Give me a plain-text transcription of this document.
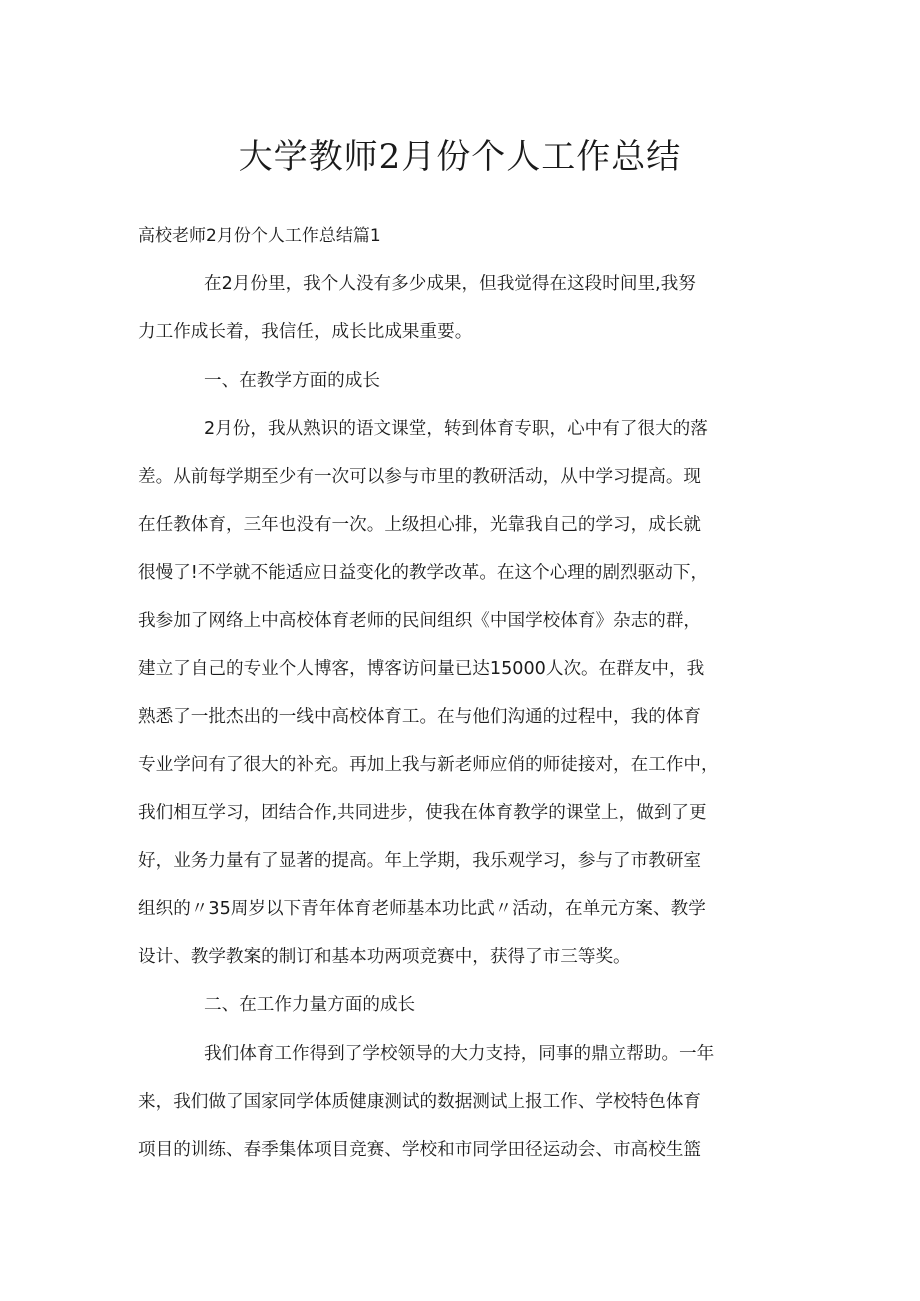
大学教师2月份个人工作总结
高校老师2月份个人工作总结篇1
在2月份里，我个人没有多少成果，但我觉得在这段时间里,我努
力工作成长着，我信任，成长比成果重要。
一、在教学方面的成长
2月份，我从熟识的语文课堂，转到体育专职，心中有了很大的落
差。从前每学期至少有一次可以参与市里的教研活动，从中学习提高。现
在任教体育，三年也没有一次。上级担心排，光靠我自己的学习，成长就
很慢了!不学就不能适应日益变化的教学改革。在这个心理的剧烈驱动下，
我参加了网络上中高校体育老师的民间组织《中国学校体育》杂志的群，
建立了自己的专业个人博客，博客访问量已达15000人次。在群友中，我
熟悉了一批杰出的一线中高校体育工。在与他们沟通的过程中，我的体育
专业学问有了很大的补充。再加上我与新老师应俏的师徒接对，在工作中，
我们相互学习，团结合作,共同进步，使我在体育教学的课堂上，做到了更
好，业务力量有了显著的提高。年上学期，我乐观学习，参与了市教研室
组织的〃35周岁以下青年体育老师基本功比武〃活动，在单元方案、教学
设计、教学教案的制订和基本功两项竞赛中，获得了市三等奖。
二、在工作力量方面的成长
我们体育工作得到了学校领导的大力支持，同事的鼎立帮助。一年
来，我们做了国家同学体质健康测试的数据测试上报工作、学校特色体育
项目的训练、春季集体项目竞赛、学校和市同学田径运动会、市高校生篮
